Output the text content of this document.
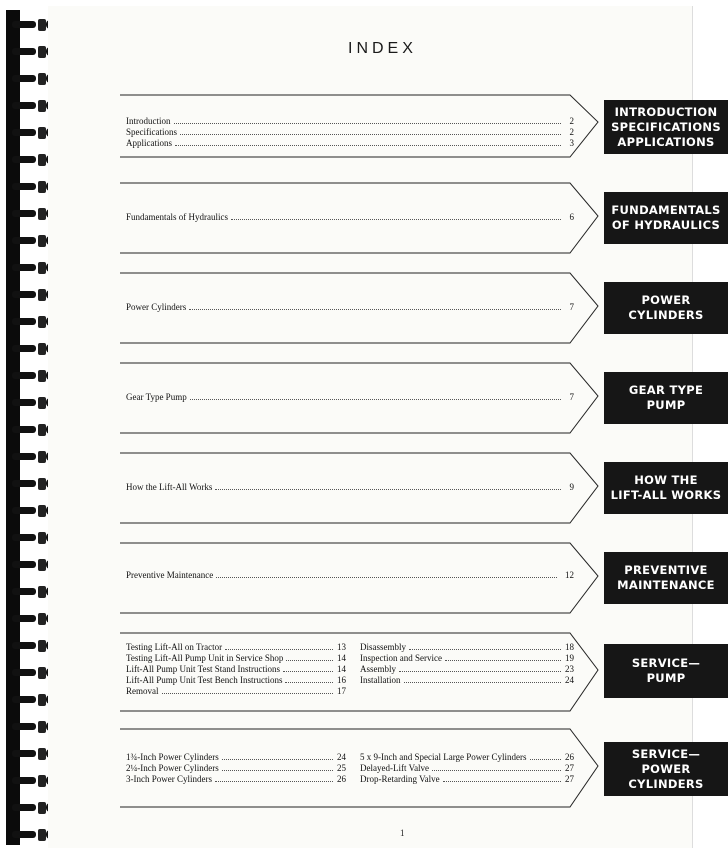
INDEX
Introduction	2
Specifications	2
Applications	3
INTRODUCTION
SPECIFICATIONS
APPLICATIONS
Fundamentals of Hydraulics	6	FUNDAMENTALS
OF HYDRAULICS
Power Cylinders	7	POWER
CYLINDERS
Gear Type Pump	7	GEAR TYPE
PUMP
How the Lift-All Works	9	HOW THE
LIFT-ALL WORKS
Preventive Maintenance	12	PREVENTIVE
MAINTENANCE
Testing Lift-All on Tractor	13
Testing Lift-All Pump Unit in Service Shop	14
Lift-All Pump Unit Test Stand Instructions	14
Lift-All Pump Unit Test Bench Instructions	16
Removal	17
Disassembly	18
Inspection and Service	19
Assembly	23
Installation	24
SERVICE—
PUMP
1¾-Inch Power Cylinders	24
2¼-Inch Power Cylinders	25
3-Inch Power Cylinders	26
5 x 9-Inch and Special Large Power Cylinders	26
Delayed-Lift Valve	27
Drop-Retarding Valve	27
SERVICE—
POWER CYLINDERS
1
